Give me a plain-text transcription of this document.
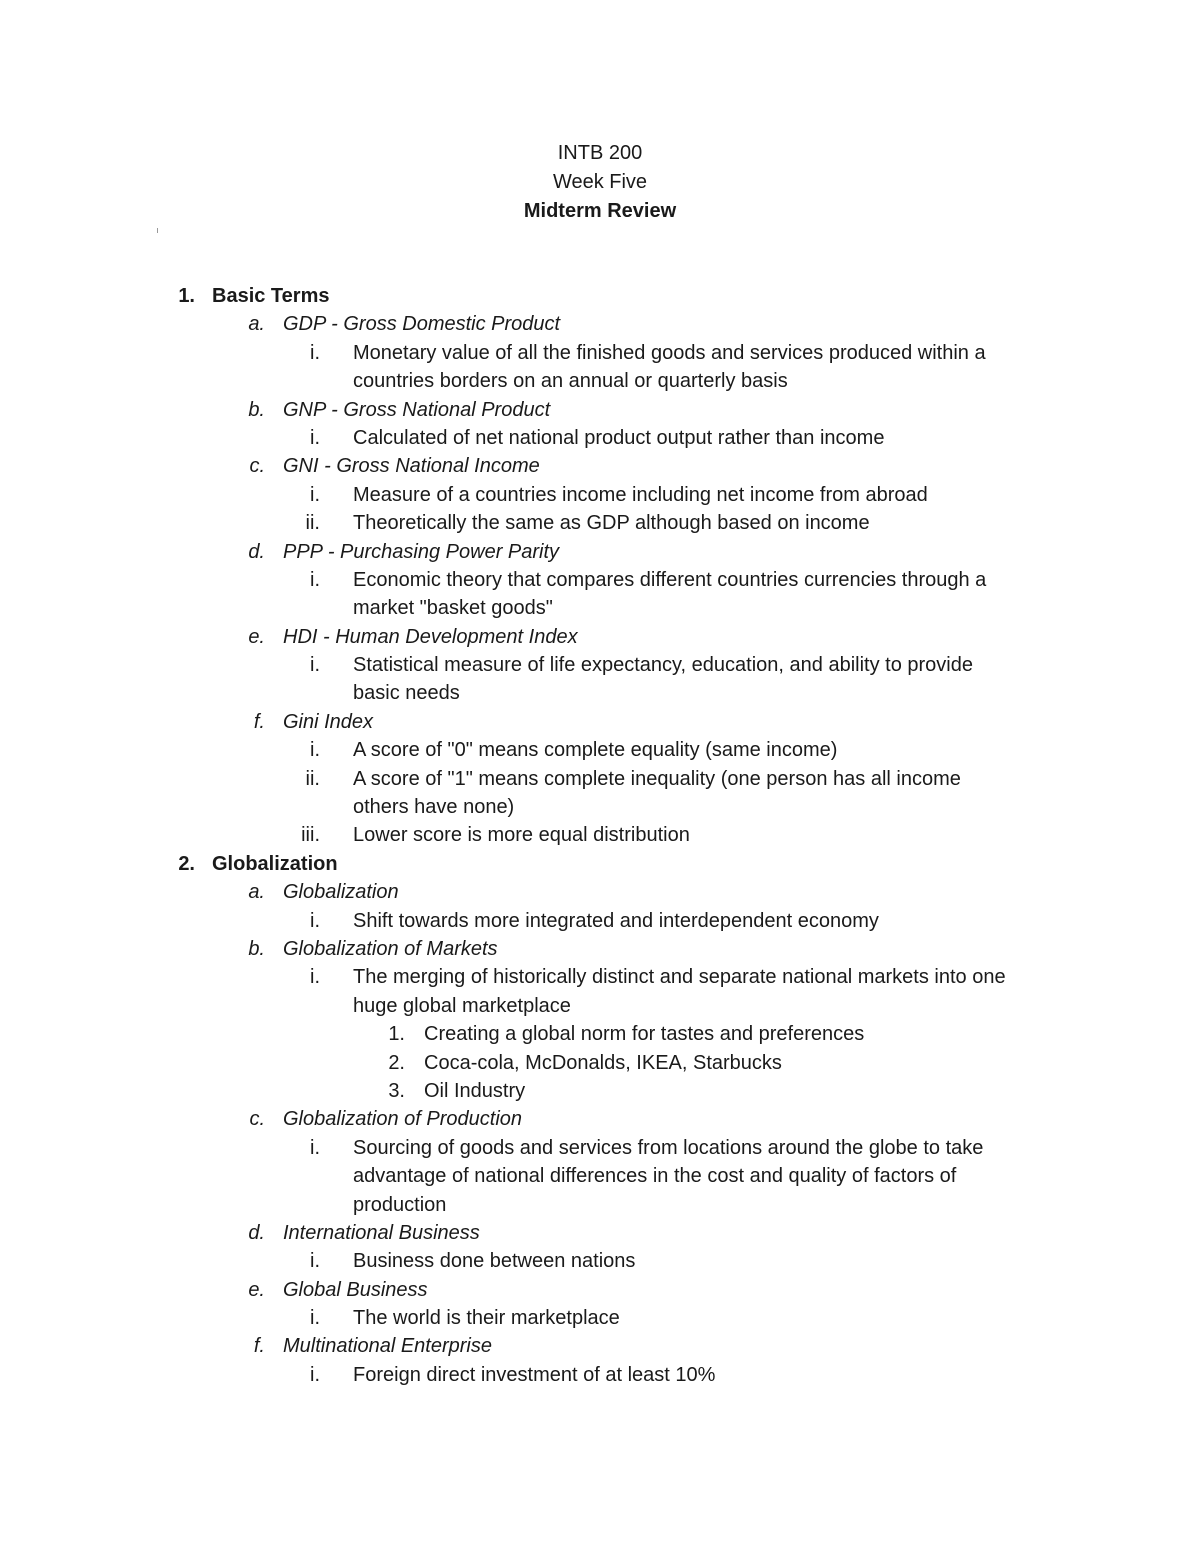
INTB 200
Week Five
Midterm Review
1. Basic Terms
a. GDP - Gross Domestic Product
i. Monetary value of all the finished goods and services produced within a
countries borders on an annual or quarterly basis
b. GNP - Gross National Product
i. Calculated of net national product output rather than income
c. GNI - Gross National Income
i. Measure of a countries income including net income from abroad
ii. Theoretically the same as GDP although based on income
d. PPP - Purchasing Power Parity
i. Economic theory that compares different countries currencies through a
market "basket goods"
e. HDI - Human Development Index
i. Statistical measure of life expectancy, education, and ability to provide
basic needs
f. Gini Index
i. A score of "0" means complete equality (same income)
ii. A score of "1" means complete inequality (one person has all income
others have none)
iii. Lower score is more equal distribution
2. Globalization
a. Globalization
i. Shift towards more integrated and interdependent economy
b. Globalization of Markets
i. The merging of historically distinct and separate national markets into one
huge global marketplace
1. Creating a global norm for tastes and preferences
2. Coca-cola, McDonalds, IKEA, Starbucks
3. Oil Industry
c. Globalization of Production
i. Sourcing of goods and services from locations around the globe to take
advantage of national differences in the cost and quality of factors of
production
d. International Business
i. Business done between nations
e. Global Business
i. The world is their marketplace
f. Multinational Enterprise
i. Foreign direct investment of at least 10%
